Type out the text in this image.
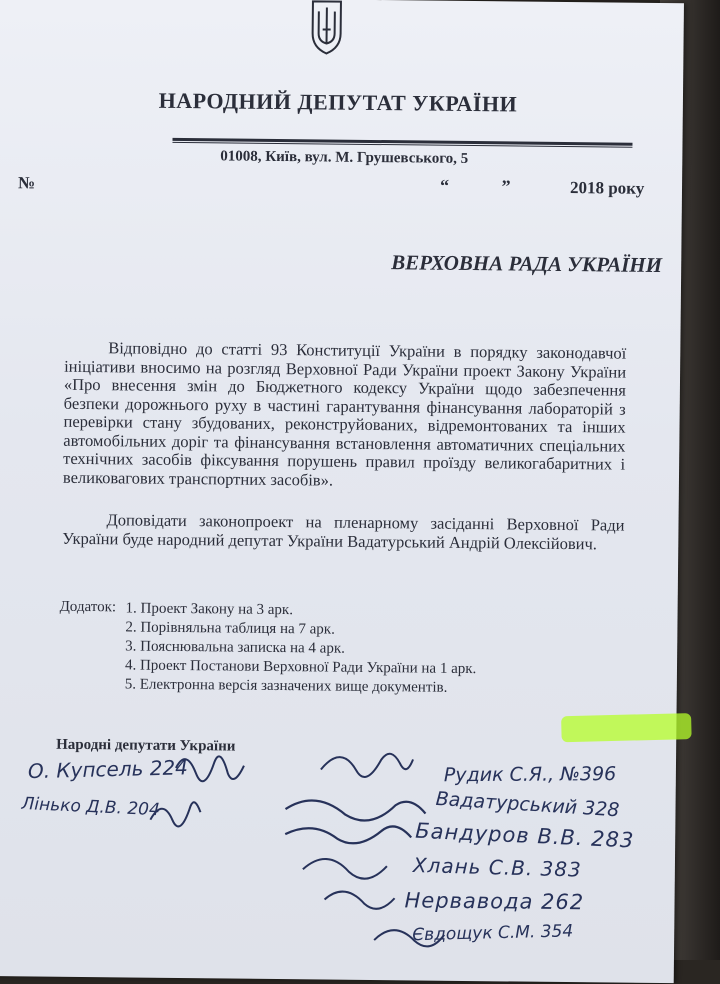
НАРОДНИЙ ДЕПУТАТ УКРАЇНИ
01008, Київ, вул. М. Грушевського, 5
№	“ ” 2018 року
ВЕРХОВНА РАДА УКРАЇНИ
Відповідно до статті 93 Конституції України в порядку законодавчої ініціативи вносимо на розгляд Верховної Ради України проект Закону України «Про внесення змін до Бюджетного кодексу України щодо забезпечення безпеки дорожнього руху в частині гарантування фінансування лабораторій з перевірки стану збудованих, реконструйованих, відремонтованих та інших автомобільних доріг та фінансування встановлення автоматичних спеціальних технічних засобів фіксування порушень правил проїзду великогабаритних і великовагових транспортних засобів».
Доповідати законопроект на пленарному засіданні Верховної Ради України буде народний депутат України Вадатурський Андрій Олексійович.
Додаток: 1. Проект Закону на 3 арк.
2. Порівняльна таблиця на 7 арк.
3. Пояснювальна записка на 4 арк.
4. Проект Постанови Верховної Ради України на 1 арк.
5. Електронна версія зазначених вище документів.
Народні депутати України
О. Купсель 224
Лінько Д.В. 204
Рудик С.Я., №396
Вадатурський 328
Бандуров В.В. 283
Хлань С.В. 383
Нервавода 262
Євдощук С.М. 354
